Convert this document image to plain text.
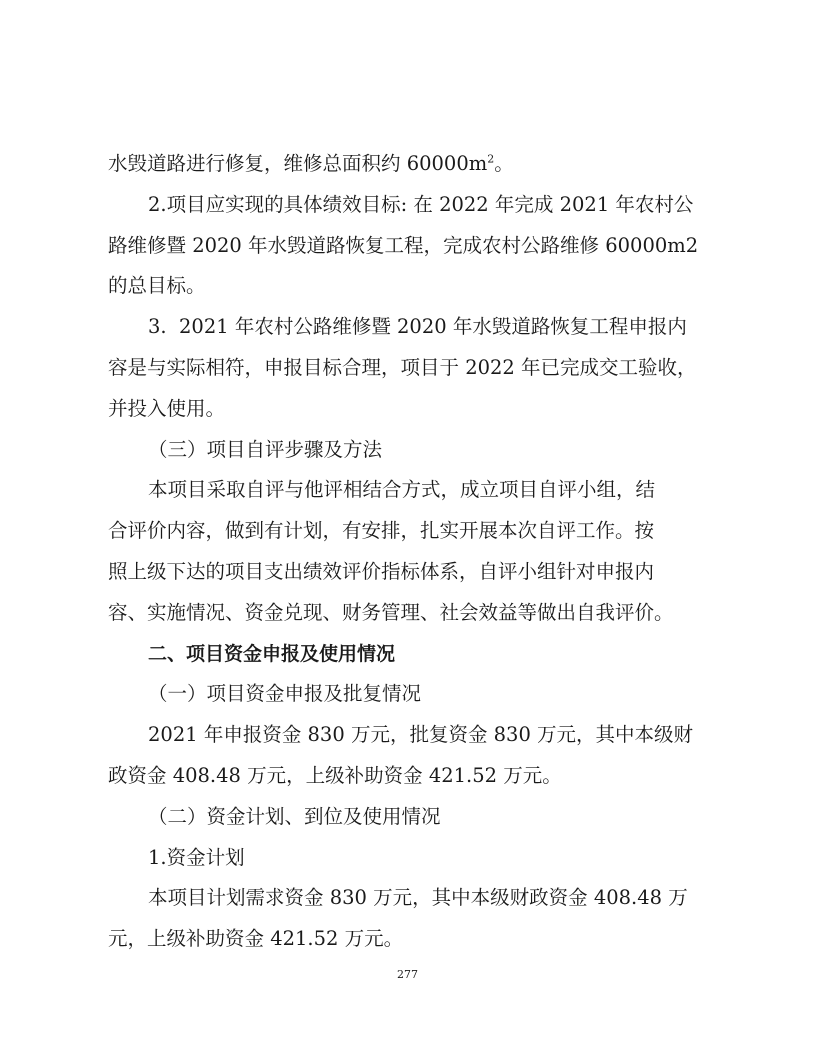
水毁道路进行修复，维修总面积约 $60000m^2$。
2.项目应实现的具体绩效目标: 在 2022 年完成 2021 年农村公
路维修暨 2020 年水毁道路恢复工程，完成农村公路维修 60000m2
的总目标。
3.  2021 年农村公路维修暨 2020 年水毁道路恢复工程申报内
容是与实际相符，申报目标合理，项目于 2022 年已完成交工验收，
并投入使用。
（三）项目自评步骤及方法
本项目采取自评与他评相结合方式，成立项目自评小组，结
合评价内容，做到有计划，有安排，扎实开展本次自评工作。按
照上级下达的项目支出绩效评价指标体系，自评小组针对申报内
容、实施情况、资金兑现、财务管理、社会效益等做出自我评价。
二、项目资金申报及使用情况
（一）项目资金申报及批复情况
2021 年申报资金 830 万元，批复资金 830 万元，其中本级财
政资金 408.48 万元，上级补助资金 421.52 万元。
（二）资金计划、到位及使用情况
1.资金计划
本项目计划需求资金 830 万元，其中本级财政资金 408.48 万
元，上级补助资金 421.52 万元。
277
